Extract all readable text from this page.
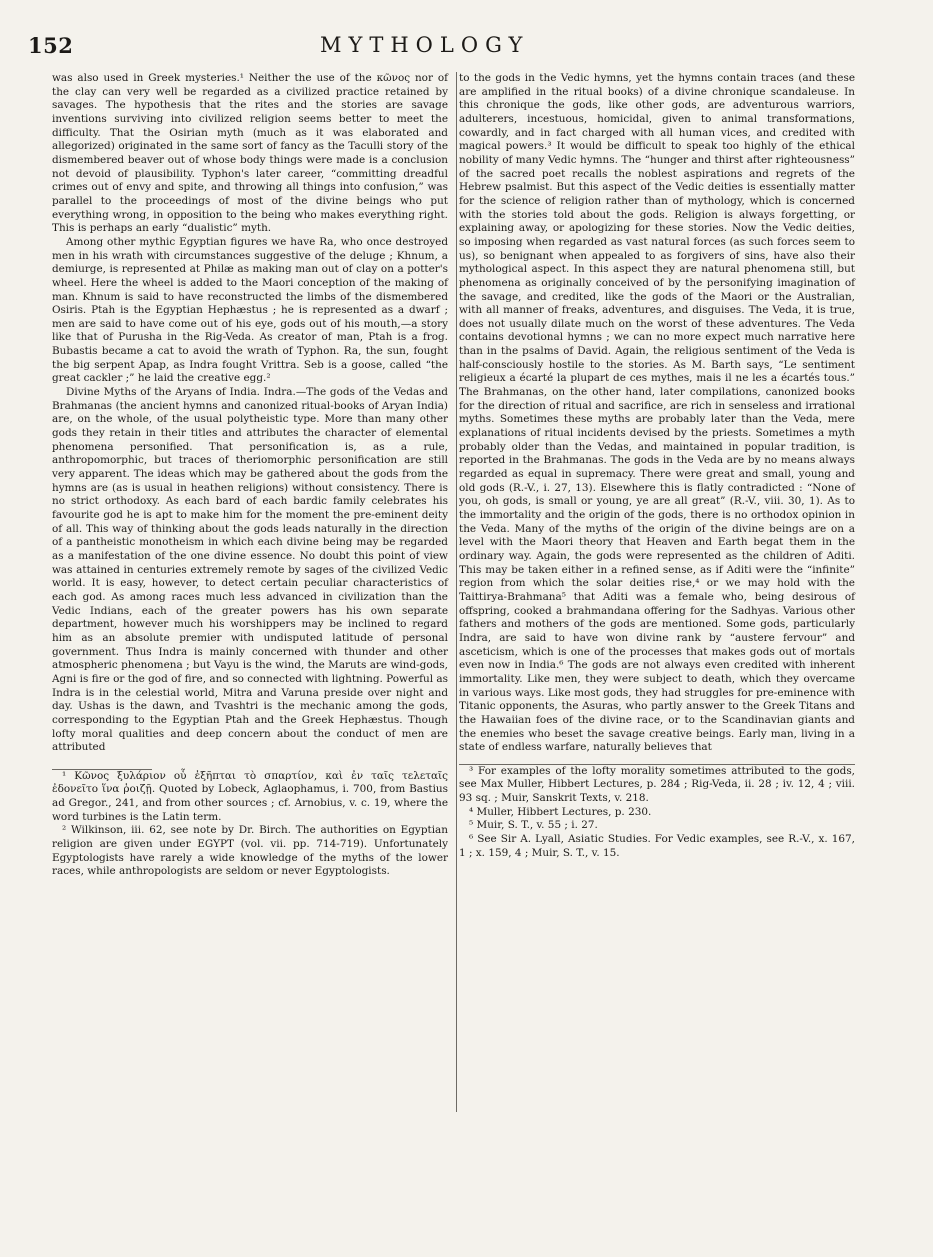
152	MYTHOLOGY

was also used in Greek mysteries.¹ Neither the use of the κῶνος nor of the clay can very well be regarded as a civilized practice retained by savages. The hypothesis that the rites and the stories are savage inventions surviving into civilized religion seems better to meet the difficulty. That the Osirian myth (much as it was elaborated and allegorized) originated in the same sort of fancy as the Taculli story of the dismembered beaver out of whose body things were made is a conclusion not devoid of plausibility. Typhon's later career, “committing dreadful crimes out of envy and spite, and throwing all things into confusion,” was parallel to the proceedings of most of the divine beings who put everything wrong, in opposition to the being who makes everything right. This is perhaps an early “dualistic” myth.

Among other mythic Egyptian figures we have Ra, who once destroyed men in his wrath with circumstances suggestive of the deluge ; Khnum, a demiurge, is represented at Philæ as making man out of clay on a potter's wheel. Here the wheel is added to the Maori conception of the making of man. Khnum is said to have reconstructed the limbs of the dismembered Osiris. Ptah is the Egyptian Hephæstus ; he is represented as a dwarf ; men are said to have come out of his eye, gods out of his mouth,—a story like that of Purusha in the Rig-Veda. As creator of man, Ptah is a frog. Bubastis became a cat to avoid the wrath of Typhon. Ra, the sun, fought the big serpent Apap, as Indra fought Vrittra. Seb is a goose, called “the great cackler ;” he laid the creative egg.²

Divine Myths of the Aryans of India. Indra.—The gods of the Vedas and Brahmanas (the ancient hymns and canonized ritual-books of Aryan India) are, on the whole, of the usual polytheistic type. More than many other gods they retain in their titles and attributes the character of elemental phenomena personified. That personification is, as a rule, anthropomorphic, but traces of theriomorphic personification are still very apparent. The ideas which may be gathered about the gods from the hymns are (as is usual in heathen religions) without consistency. There is no strict orthodoxy. As each bard of each bardic family celebrates his favourite god he is apt to make him for the moment the pre-eminent deity of all. This way of thinking about the gods leads naturally in the direction of a pantheistic monotheism in which each divine being may be regarded as a manifestation of the one divine essence. No doubt this point of view was attained in centuries extremely remote by sages of the civilized Vedic world. It is easy, however, to detect certain peculiar characteristics of each god. As among races much less advanced in civilization than the Vedic Indians, each of the greater powers has his own separate department, however much his worshippers may be inclined to regard him as an absolute premier with undisputed latitude of personal government. Thus Indra is mainly concerned with thunder and other atmospheric phenomena ; but Vayu is the wind, the Maruts are wind-gods, Agni is fire or the god of fire, and so connected with lightning. Powerful as Indra is in the celestial world, Mitra and Varuna preside over night and day. Ushas is the dawn, and Tvashtri is the mechanic among the gods, corresponding to the Egyptian Ptah and the Greek Hephæstus. Though lofty moral qualities and deep concern about the conduct of men are attributed

¹ Κῶνος ξυλάριον οὗ ἐξῆπται τὸ σπαρτίον, καὶ ἐν ταῖς τελεταῖς ἐδονεῖτο ἵνα ῥοιζῇ. Quoted by Lobeck, Aglaophamus, i. 700, from Bastius ad Gregor., 241, and from other sources ; cf. Arnobius, v. c. 19, where the word turbines is the Latin term.

² Wilkinson, iii. 62, see note by Dr. Birch. The authorities on Egyptian religion are given under EGYPT (vol. vii. pp. 714-719). Unfortunately Egyptologists have rarely a wide knowledge of the myths of the lower races, while anthropologists are seldom or never Egyptologists.

to the gods in the Vedic hymns, yet the hymns contain traces (and these are amplified in the ritual books) of a divine chronique scandaleuse. In this chronique the gods, like other gods, are adventurous warriors, adulterers, incestuous, homicidal, given to animal transformations, cowardly, and in fact charged with all human vices, and credited with magical powers.³ It would be difficult to speak too highly of the ethical nobility of many Vedic hymns. The “hunger and thirst after righteousness” of the sacred poet recalls the noblest aspirations and regrets of the Hebrew psalmist. But this aspect of the Vedic deities is essentially matter for the science of religion rather than of mythology, which is concerned with the stories told about the gods. Religion is always forgetting, or explaining away, or apologizing for these stories. Now the Vedic deities, so imposing when regarded as vast natural forces (as such forces seem to us), so benignant when appealed to as forgivers of sins, have also their mythological aspect. In this aspect they are natural phenomena still, but phenomena as originally conceived of by the personifying imagination of the savage, and credited, like the gods of the Maori or the Australian, with all manner of freaks, adventures, and disguises. The Veda, it is true, does not usually dilate much on the worst of these adventures. The Veda contains devotional hymns ; we can no more expect much narrative here than in the psalms of David. Again, the religious sentiment of the Veda is half-consciously hostile to the stories. As M. Barth says, “Le sentiment religieux a écarté la plupart de ces mythes, mais il ne les a écartés tous.” The Brahmanas, on the other hand, later compilations, canonized books for the direction of ritual and sacrifice, are rich in senseless and irrational myths. Sometimes these myths are probably later than the Veda, mere explanations of ritual incidents devised by the priests. Sometimes a myth probably older than the Vedas, and maintained in popular tradition, is reported in the Brahmanas. The gods in the Veda are by no means always regarded as equal in supremacy. There were great and small, young and old gods (R.-V., i. 27, 13). Elsewhere this is flatly contradicted : “None of you, oh gods, is small or young, ye are all great” (R.-V., viii. 30, 1). As to the immortality and the origin of the gods, there is no orthodox opinion in the Veda. Many of the myths of the origin of the divine beings are on a level with the Maori theory that Heaven and Earth begat them in the ordinary way. Again, the gods were represented as the children of Aditi. This may be taken either in a refined sense, as if Aditi were the “infinite” region from which the solar deities rise,⁴ or we may hold with the Taittirya-Brahmana⁵ that Aditi was a female who, being desirous of offspring, cooked a brahmandana offering for the Sadhyas. Various other fathers and mothers of the gods are mentioned. Some gods, particularly Indra, are said to have won divine rank by “austere fervour” and asceticism, which is one of the processes that makes gods out of mortals even now in India.⁶ The gods are not always even credited with inherent immortality. Like men, they were subject to death, which they overcame in various ways. Like most gods, they had struggles for pre-eminence with Titanic opponents, the Asuras, who partly answer to the Greek Titans and the Hawaiian foes of the divine race, or to the Scandinavian giants and the enemies who beset the savage creative beings. Early man, living in a state of endless warfare, naturally believes that

³ For examples of the lofty morality sometimes attributed to the gods, see Max Muller, Hibbert Lectures, p. 284 ; Rig-Veda, ii. 28 ; iv. 12, 4 ; viii. 93 sq. ; Muir, Sanskrit Texts, v. 218.

⁴ Muller, Hibbert Lectures, p. 230.

⁵ Muir, S. T., v. 55 ; i. 27.

⁶ See Sir A. Lyall, Asiatic Studies. For Vedic examples, see R.-V., x. 167, 1 ; x. 159, 4 ; Muir, S. T., v. 15.
